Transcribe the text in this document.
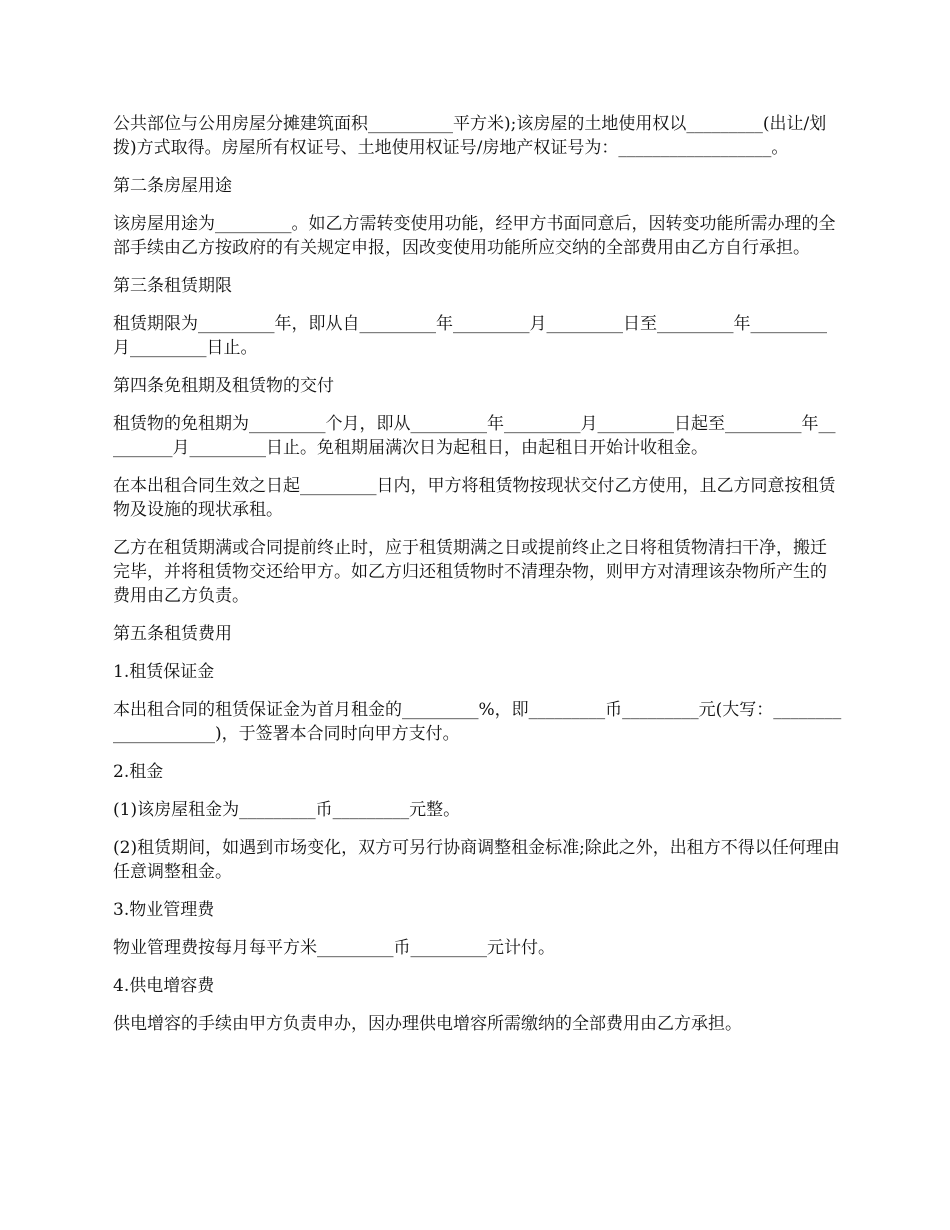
公共部位与公用房屋分摊建筑面积__________平方米);该房屋的土地使用权以_________(出让/划拨)方式取得。房屋所有权证号、土地使用权证号/房地产权证号为：__________________。

第二条房屋用途

该房屋用途为_________。如乙方需转变使用功能，经甲方书面同意后，因转变功能所需办理的全部手续由乙方按政府的有关规定申报，因改变使用功能所应交纳的全部费用由乙方自行承担。

第三条租赁期限

租赁期限为_________年，即从自_________年_________月_________日至_________年_________月_________日止。

第四条免租期及租赁物的交付

租赁物的免租期为_________个月，即从_________年_________月_________日起至_________年_________月_________日止。免租期届满次日为起租日，由起租日开始计收租金。

在本出租合同生效之日起_________日内，甲方将租赁物按现状交付乙方使用，且乙方同意按租赁物及设施的现状承租。

乙方在租赁期满或合同提前终止时，应于租赁期满之日或提前终止之日将租赁物清扫干净，搬迁完毕，并将租赁物交还给甲方。如乙方归还租赁物时不清理杂物，则甲方对清理该杂物所产生的费用由乙方负责。

第五条租赁费用

1.租赁保证金

本出租合同的租赁保证金为首月租金的_________%，即_________币_________元(大写：____________________)，于签署本合同时向甲方支付。

2.租金

(1)该房屋租金为_________币_________元整。

(2)租赁期间，如遇到市场变化，双方可另行协商调整租金标准;除此之外，出租方不得以任何理由任意调整租金。

3.物业管理费

物业管理费按每月每平方米_________币_________元计付。

4.供电增容费

供电增容的手续由甲方负责申办，因办理供电增容所需缴纳的全部费用由乙方承担。
